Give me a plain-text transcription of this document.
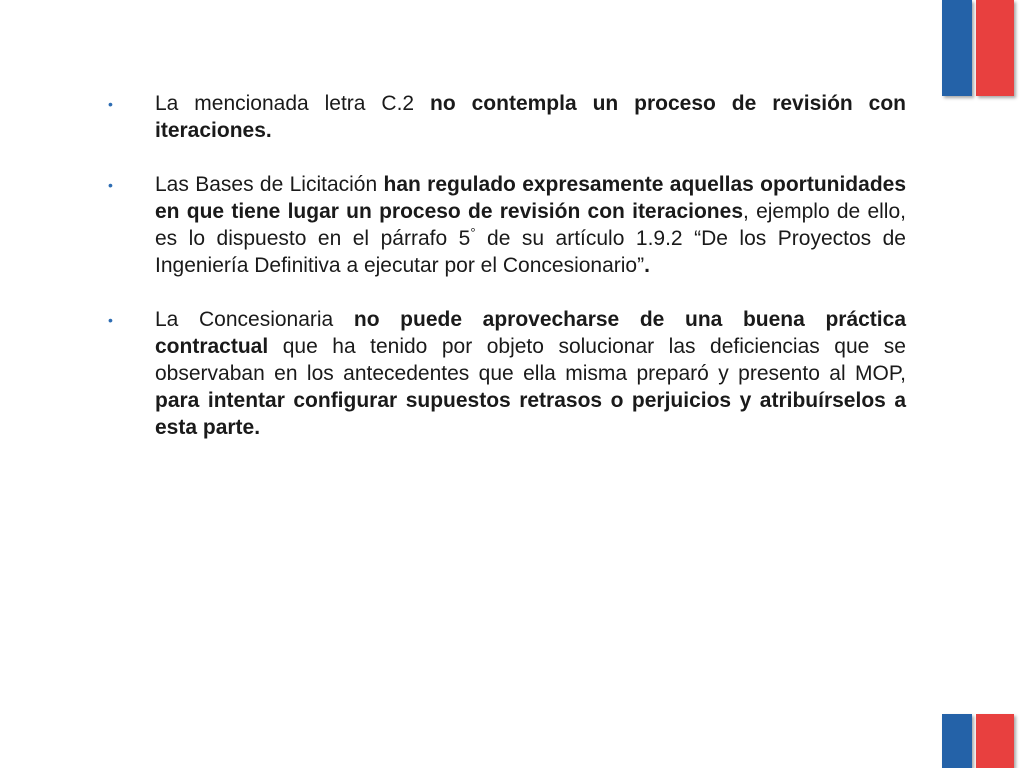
•	La mencionada letra C.2 no contempla un proceso de revisión con iteraciones.
•	Las Bases de Licitación han regulado expresamente aquellas oportunidades en que tiene lugar un proceso de revisión con iteraciones, ejemplo de ello, es lo dispuesto en el párrafo 5° de su artículo 1.9.2 “De los Proyectos de Ingeniería Definitiva a ejecutar por el Concesionario”.
•	La Concesionaria no puede aprovecharse de una buena práctica contractual que ha tenido por objeto solucionar las deficiencias que se observaban en los antecedentes que ella misma preparó y presento al MOP, para intentar configurar supuestos retrasos o perjuicios y atribuírselos a esta parte.
